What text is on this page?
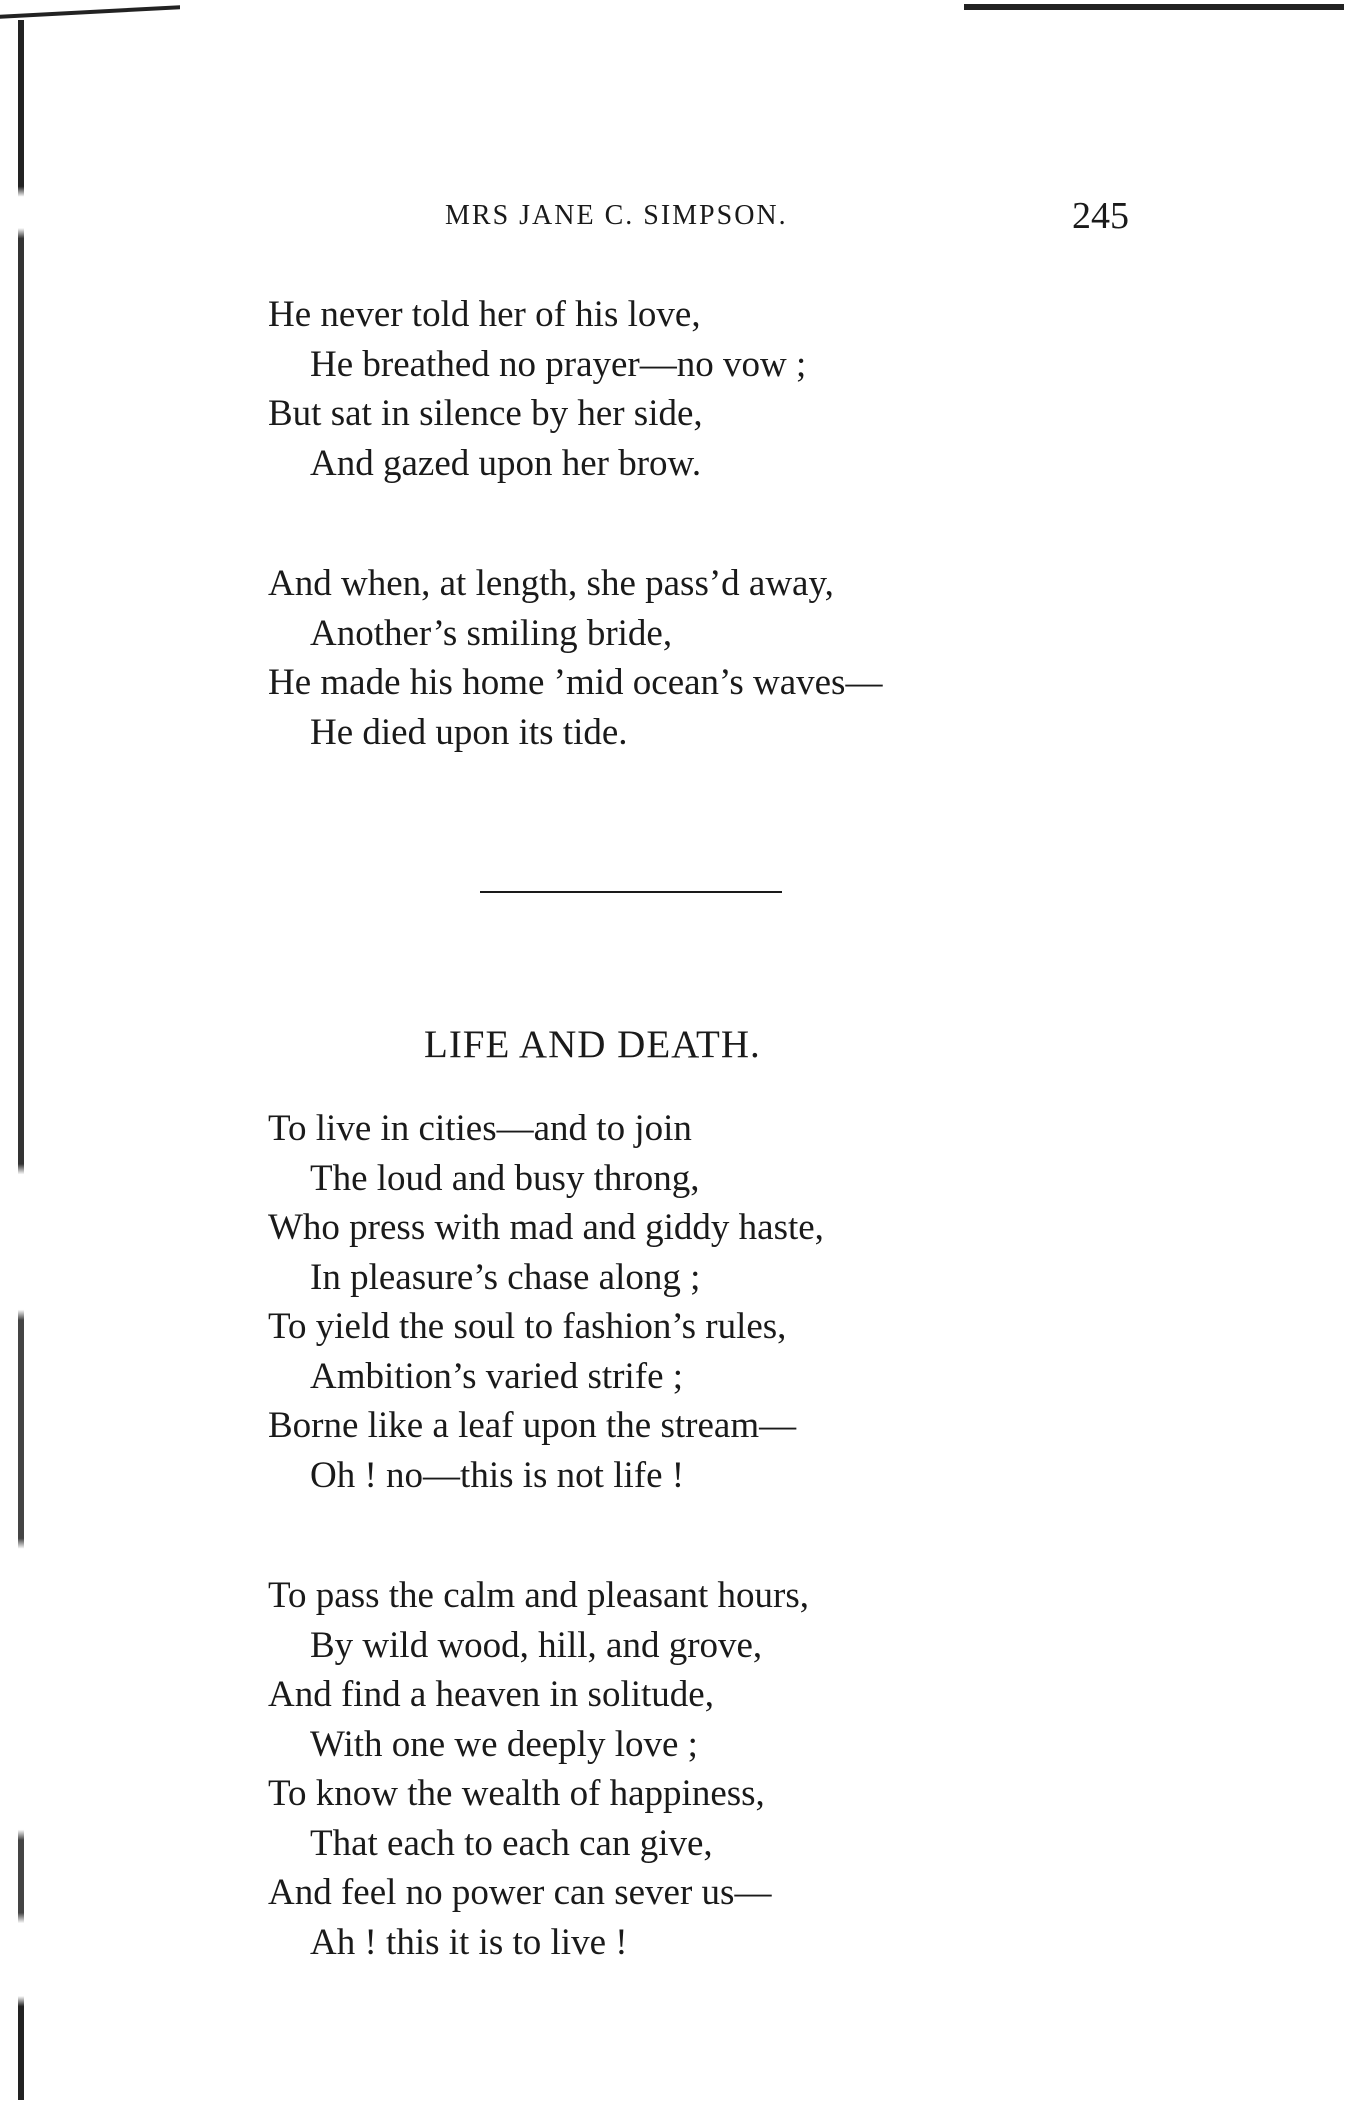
MRS JANE C. SIMPSON.	245
He never told her of his love,
He breathed no prayer—no vow ;
But sat in silence by her side,
And gazed upon her brow.
And when, at length, she pass’d away,
Another’s smiling bride,
He made his home ’mid ocean’s waves—
He died upon its tide.
LIFE AND DEATH.
To live in cities—and to join
The loud and busy throng,
Who press with mad and giddy haste,
In pleasure’s chase along ;
To yield the soul to fashion’s rules,
Ambition’s varied strife ;
Borne like a leaf upon the stream—
Oh ! no—this is not life !
To pass the calm and pleasant hours,
By wild wood, hill, and grove,
And find a heaven in solitude,
With one we deeply love ;
To know the wealth of happiness,
That each to each can give,
And feel no power can sever us—
Ah ! this it is to live !
